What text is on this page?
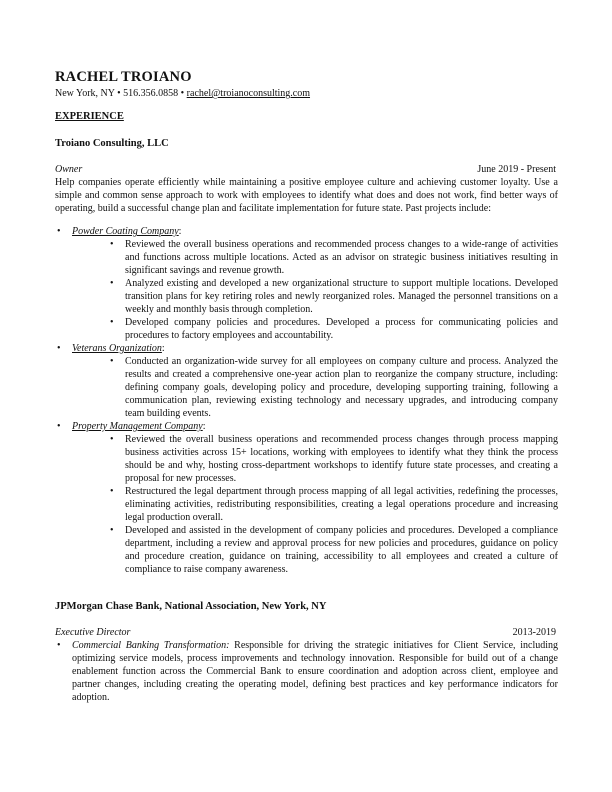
RACHEL TROIANO
New York, NY • 516.356.0858 • rachel@troianoconsulting.com
EXPERIENCE
Troiano Consulting, LLC
Owner	June 2019 - Present

Help companies operate efficiently while maintaining a positive employee culture and achieving customer loyalty. Use a simple and common sense approach to work with employees to identify what does and does not work, find better ways of operating, build a successful change plan and facilitate implementation for future state. Past projects include:

• Powder Coating Company:
• Reviewed the overall business operations and recommended process changes to a wide-range of activities and functions across multiple locations. Acted as an advisor on strategic business initiatives resulting in significant savings and revenue growth.
• Analyzed existing and developed a new organizational structure to support multiple locations. Developed transition plans for key retiring roles and newly reorganized roles. Managed the personnel transitions on a weekly and monthly basis through completion.
• Developed company policies and procedures. Developed a process for communicating policies and procedures to factory employees and accountability.
• Veterans Organization:
• Conducted an organization-wide survey for all employees on company culture and process. Analyzed the results and created a comprehensive one-year action plan to reorganize the company structure, including: defining company goals, developing policy and procedure, developing supporting training, following a communication plan, reviewing existing technology and necessary upgrades, and introducing company team building events.
• Property Management Company:
• Reviewed the overall business operations and recommended process changes through process mapping business activities across 15+ locations, working with employees to identify what they think the process should be and why, hosting cross-department workshops to identify future state processes, and creating a proposal for new processes.
• Restructured the legal department through process mapping of all legal activities, redefining the processes, eliminating activities, redistributing responsibilities, creating a legal operations procedure and increasing legal production overall.
• Developed and assisted in the development of company policies and procedures. Developed a compliance department, including a review and approval process for new policies and procedures, guidance on policy and procedure creation, guidance on training, accessibility to all employees and created a culture of compliance to raise company awareness.
JPMorgan Chase Bank, National Association, New York, NY
Executive Director	2013-2019
• Commercial Banking Transformation: Responsible for driving the strategic initiatives for Client Service, including optimizing service models, process improvements and technology innovation. Responsible for build out of a change enablement function across the Commercial Bank to ensure coordination and adoption across client, employee and partner changes, including creating the operating model, defining best practices and key performance indicators for adoption.
